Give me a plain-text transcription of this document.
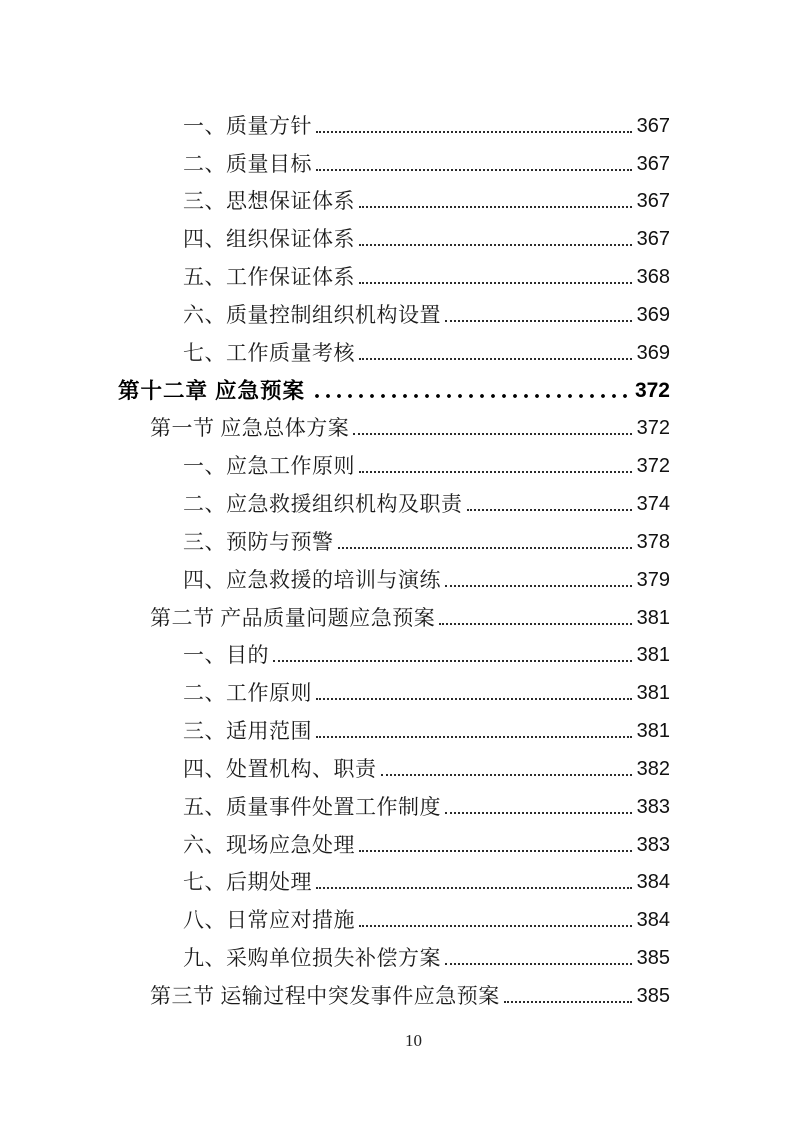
一、质量方针	367
二、质量目标	367
三、思想保证体系	367
四、组织保证体系	367
五、工作保证体系	368
六、质量控制组织机构设置	369
七、工作质量考核	369
第十二章 应急预案	372
第一节 应急总体方案	372
一、应急工作原则	372
二、应急救援组织机构及职责	374
三、预防与预警	378
四、应急救援的培训与演练	379
第二节 产品质量问题应急预案	381
一、目的	381
二、工作原则	381
三、适用范围	381
四、处置机构、职责	382
五、质量事件处置工作制度	383
六、现场应急处理	383
七、后期处理	384
八、日常应对措施	384
九、采购单位损失补偿方案	385
第三节 运输过程中突发事件应急预案	385
10
